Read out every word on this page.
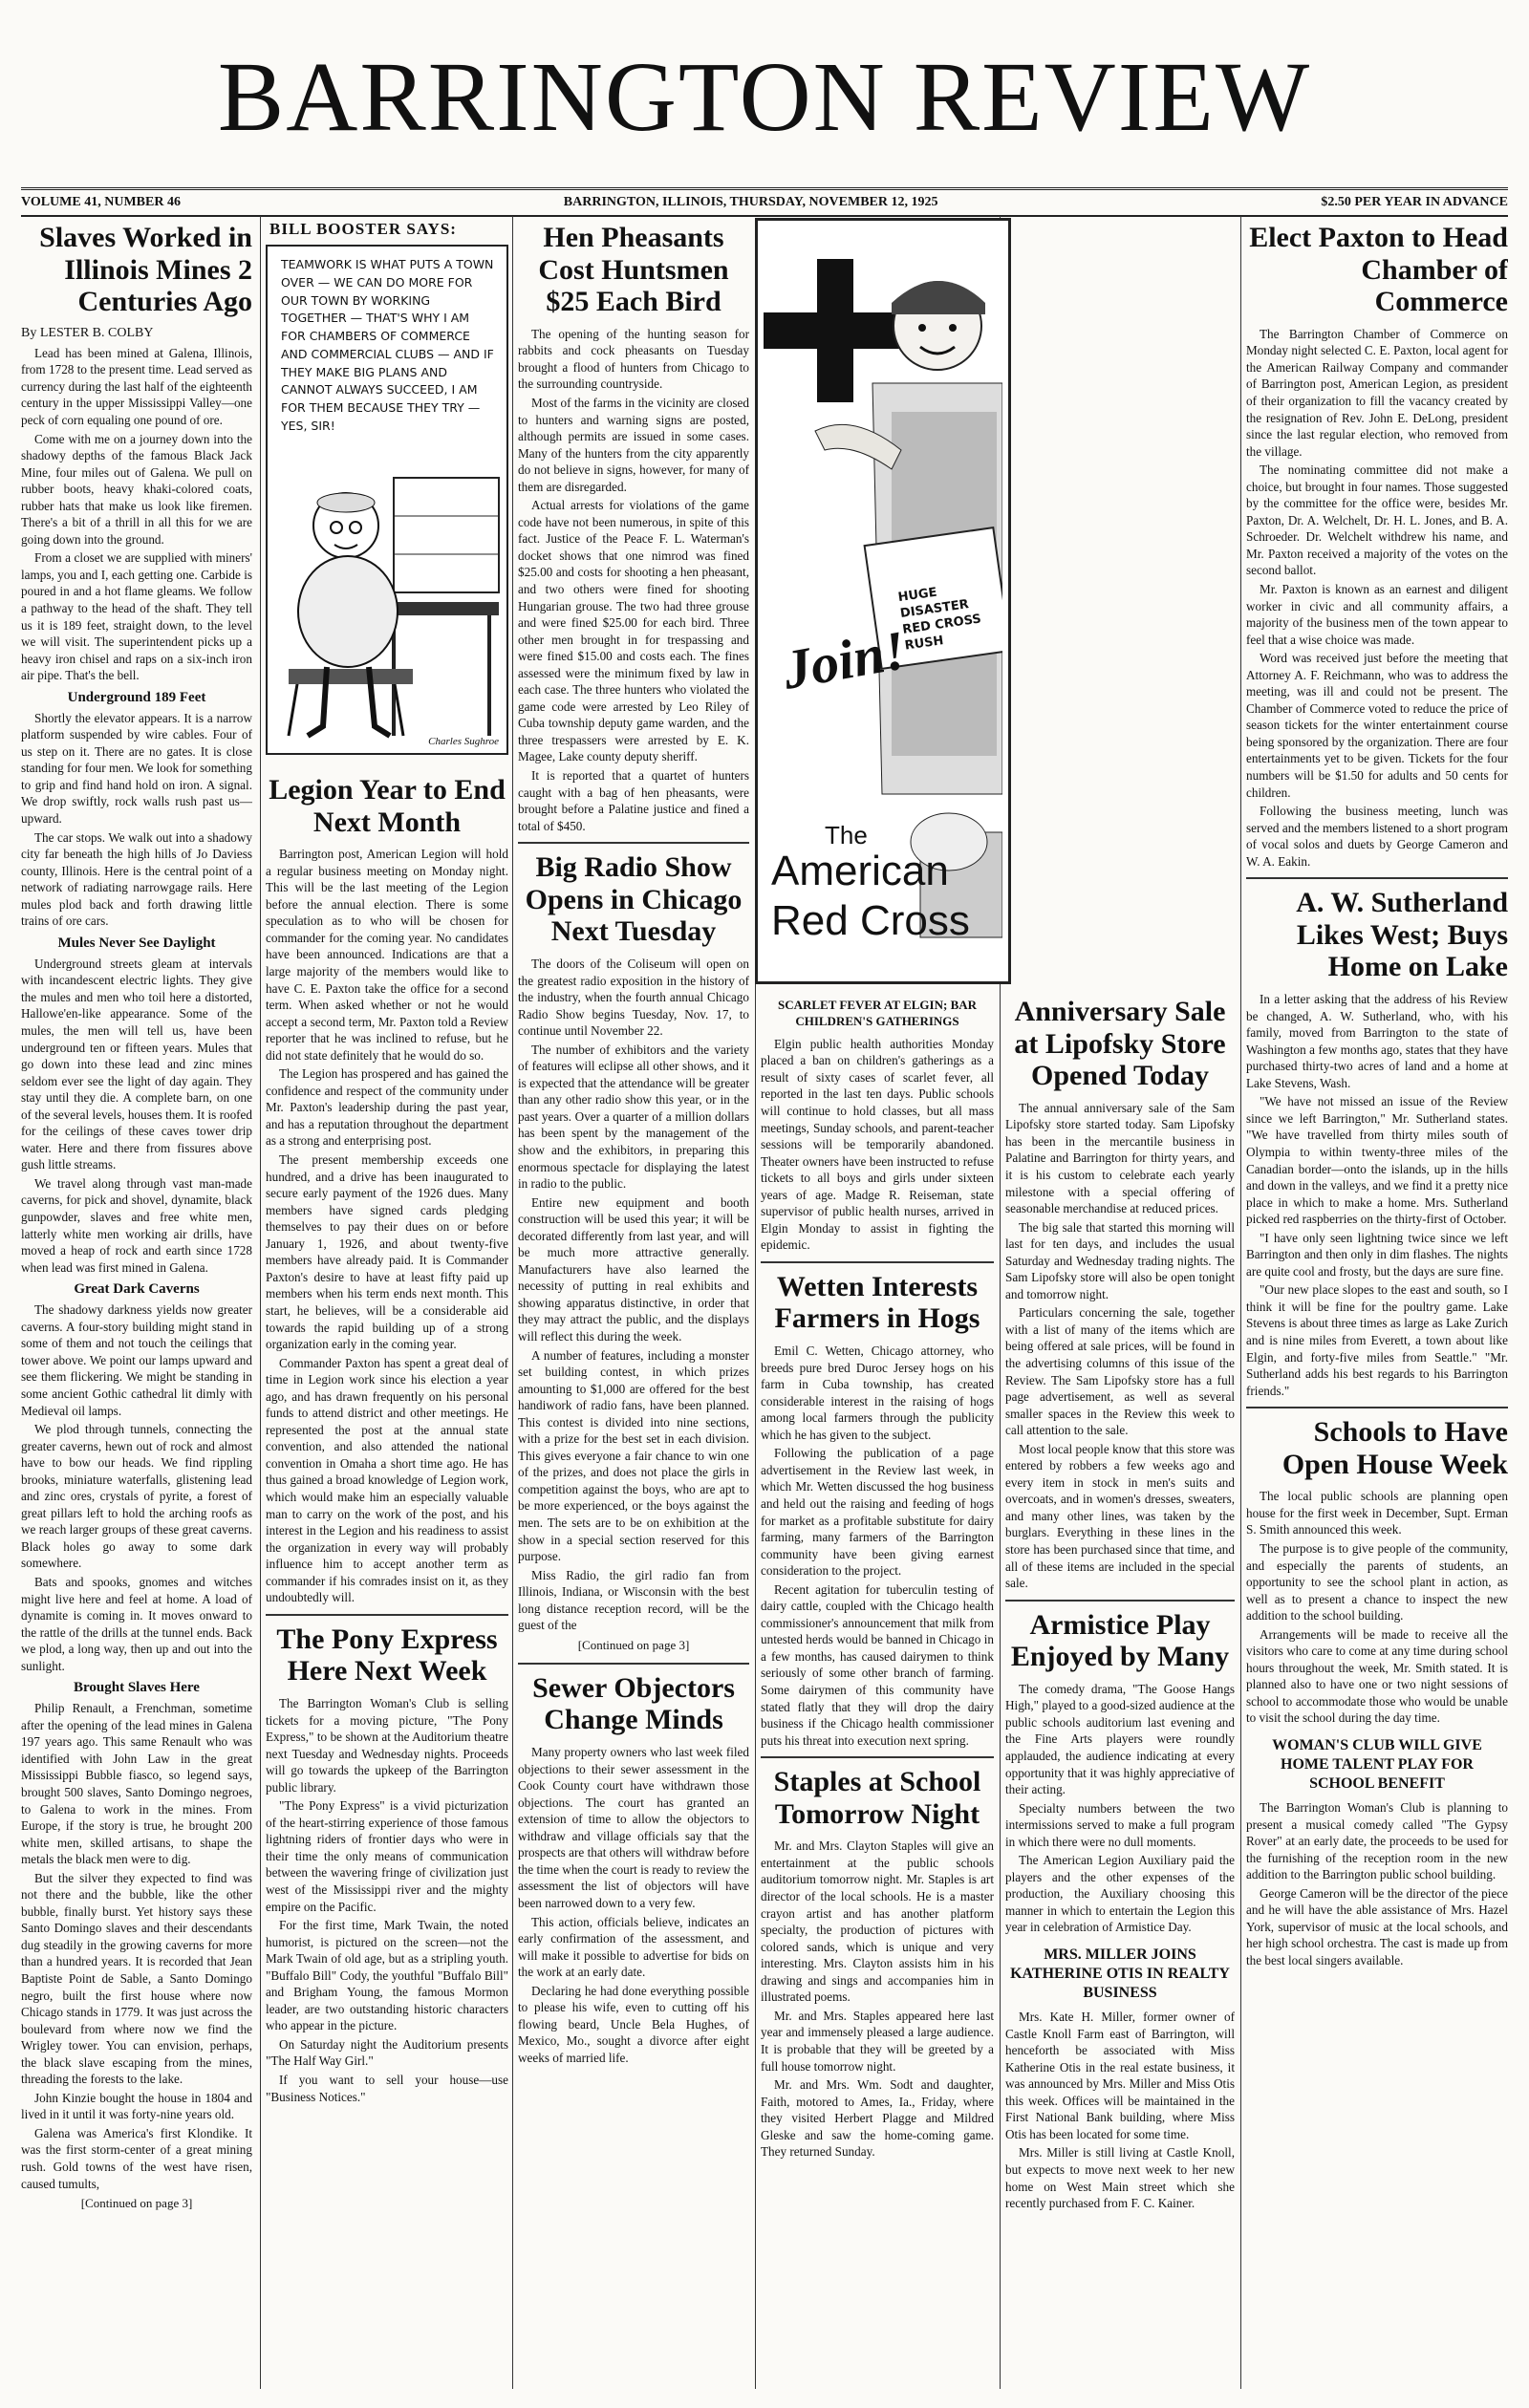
BARRINGTON REVIEW
VOLUME 41, NUMBER 46	BARRINGTON, ILLINOIS, THURSDAY, NOVEMBER 12, 1925	$2.50 PER YEAR IN ADVANCE
Slaves Worked in Illinois Mines 2 Centuries Ago
By LESTER B. COLBY

Lead has been mined at Galena, Illinois, from 1728 to the present time. Lead served as currency during the last half of the eighteenth century in the upper Mississippi Valley—one peck of corn equaling one pound of ore.

Come with me on a journey down into the shadowy depths of the famous Black Jack Mine, four miles out of Galena. We pull on rubber boots, heavy khaki-colored coats, rubber hats that make us look like firemen. There's a bit of a thrill in all this for we are going down into the ground.

From a closet we are supplied with miners' lamps, you and I, each getting one. Carbide is poured in and a hot flame gleams. We follow a pathway to the head of the shaft. They tell us it is 189 feet, straight down, to the level we will visit. The superintendent picks up a heavy iron chisel and raps on a six-inch iron air pipe. That's the bell.

Underground 189 Feet

Shortly the elevator appears. It is a narrow platform suspended by wire cables. Four of us step on it. There are no gates. It is close standing for four men. We look for something to grip and find hand hold on iron. A signal. We drop swiftly, rock walls rush past us—upward.

The car stops. We walk out into a shadowy city far beneath the high hills of Jo Daviess county, Illinois. Here is the central point of a network of radiating narrowgage rails. Here mules plod back and forth drawing little trains of ore cars.

Mules Never See Daylight

Underground streets gleam at intervals with incandescent electric lights. They give the mules and men who toil here a distorted, Hallowe'en-like appearance. Some of the mules, the men will tell us, have been underground ten or fifteen years. Mules that go down into these lead and zinc mines seldom ever see the light of day again. They stay until they die. A complete barn, on one of the several levels, houses them. It is roofed for the ceilings of these caves tower drip water. Here and there from fissures above gush little streams.

We travel along through vast man-made caverns, for pick and shovel, dynamite, black gunpowder, slaves and free white men, latterly white men working air drills, have moved a heap of rock and earth since 1728 when lead was first mined in Galena.

Great Dark Caverns

The shadowy darkness yields now greater caverns. A four-story building might stand in some of them and not touch the ceilings that tower above. We point our lamps upward and see them flickering. We might be standing in some ancient Gothic cathedral lit dimly with Medieval oil lamps.

We plod through tunnels, connecting the greater caverns, hewn out of rock and almost have to bow our heads. We find rippling brooks, miniature waterfalls, glistening lead and zinc ores, crystals of pyrite, a forest of great pillars left to hold the arching roofs as we reach larger groups of these great caverns. Black holes go away to some dark somewhere.

Bats and spooks, gnomes and witches might live here and feel at home. A load of dynamite is coming in. It moves onward to the rattle of the drills at the tunnel ends. Back we plod, a long way, then up and out into the sunlight.

Brought Slaves Here

Philip Renault, a Frenchman, sometime after the opening of the lead mines in Galena 197 years ago. This same Renault who was identified with John Law in the great Mississippi Bubble fiasco, so legend says, brought 500 slaves, Santo Domingo negroes, to Galena to work in the mines. From Europe, if the story is true, he brought 200 white men, skilled artisans, to shape the metals the black men were to dig.

But the silver they expected to find was not there and the bubble, like the other bubble, finally burst. Yet history says these Santo Domingo slaves and their descendants dug steadily in the growing caverns for more than a hundred years. It is recorded that Jean Baptiste Point de Sable, a Santo Domingo negro, built the first house where now Chicago stands in 1779. It was just across the boulevard from where now we find the Wrigley tower. You can envision, perhaps, the black slave escaping from the mines, threading the forests to the lake.

John Kinzie bought the house in 1804 and lived in it until it was forty-nine years old.

Galena was America's first Klondike. It was the first storm-center of a great mining rush. Gold towns of the west have risen, caused tumults,

[Continued on page 3]
BILL BOOSTER SAYS:
TEAMWORK IS WHAT PUTS A TOWN OVER — WE CAN DO MORE FOR OUR TOWN BY WORKING TOGETHER — THAT'S WHY I AM FOR CHAMBERS OF COMMERCE AND COMMERCIAL CLUBS — AND IF THEY MAKE BIG PLANS AND CANNOT ALWAYS SUCCEED, I AM FOR THEM BECAUSE THEY TRY — YES, SIR!
Charles Sughroe
Legion Year to End Next Month

Barrington post, American Legion will hold a regular business meeting on Monday night. This will be the last meeting of the Legion before the annual election. There is some speculation as to who will be chosen for commander for the coming year. No candidates have been announced. Indications are that a large majority of the members would like to have C. E. Paxton take the office for a second term. When asked whether or not he would accept a second term, Mr. Paxton told a Review reporter that he was inclined to refuse, but he did not state definitely that he would do so.

The Legion has prospered and has gained the confidence and respect of the community under Mr. Paxton's leadership during the past year, and has a reputation throughout the department as a strong and enterprising post.

The present membership exceeds one hundred, and a drive has been inaugurated to secure early payment of the 1926 dues. Many members have signed cards pledging themselves to pay their dues on or before January 1, 1926, and about twenty-five members have already paid. It is Commander Paxton's desire to have at least fifty paid up members when his term ends next month. This start, he believes, will be a considerable aid towards the rapid building up of a strong organization early in the coming year.

Commander Paxton has spent a great deal of time in Legion work since his election a year ago, and has drawn frequently on his personal funds to attend district and other meetings. He represented the post at the annual state convention, and also attended the national convention in Omaha a short time ago. He has thus gained a broad knowledge of Legion work, which would make him an especially valuable man to carry on the work of the post, and his interest in the Legion and his readiness to assist the organization in every way will probably influence him to accept another term as commander if his comrades insist on it, as they undoubtedly will.

The Pony Express Here Next Week

The Barrington Woman's Club is selling tickets for a moving picture, "The Pony Express," to be shown at the Auditorium theatre next Tuesday and Wednesday nights. Proceeds will go towards the upkeep of the Barrington public library.

"The Pony Express" is a vivid picturization of the heart-stirring experience of those famous lightning riders of frontier days who were in their time the only means of communication between the wavering fringe of civilization just west of the Mississippi river and the mighty empire on the Pacific.

For the first time, Mark Twain, the noted humorist, is pictured on the screen—not the Mark Twain of old age, but as a stripling youth. "Buffalo Bill" Cody, the youthful "Buffalo Bill" and Brigham Young, the famous Mormon leader, are two outstanding historic characters who appear in the picture.

On Saturday night the Auditorium presents "The Half Way Girl."

If you want to sell your house—use "Business Notices."

Hen Pheasants Cost Huntsmen $25 Each Bird

The opening of the hunting season for rabbits and cock pheasants on Tuesday brought a flood of hunters from Chicago to the surrounding countryside.

Most of the farms in the vicinity are closed to hunters and warning signs are posted, although permits are issued in some cases. Many of the hunters from the city apparently do not believe in signs, however, for many of them are disregarded.

Actual arrests for violations of the game code have not been numerous, in spite of this fact. Justice of the Peace F. L. Waterman's docket shows that one nimrod was fined $25.00 and costs for shooting a hen pheasant, and two others were fined for shooting Hungarian grouse. The two had three grouse and were fined $25.00 for each bird. Three other men brought in for trespassing and were fined $15.00 and costs each. The fines assessed were the minimum fixed by law in each case. The three hunters who violated the game code were arrested by Leo Riley of Cuba township deputy game warden, and the three trespassers were arrested by E. K. Magee, Lake county deputy sheriff.

It is reported that a quartet of hunters caught with a bag of hen pheasants, were brought before a Palatine justice and fined a total of $450.

Big Radio Show Opens in Chicago Next Tuesday

The doors of the Coliseum will open on the greatest radio exposition in the history of the industry, when the fourth annual Chicago Radio Show begins Tuesday, Nov. 17, to continue until November 22.

The number of exhibitors and the variety of features will eclipse all other shows, and it is expected that the attendance will be greater than any other radio show this year, or in the past years. Over a quarter of a million dollars has been spent by the management of the show and the exhibitors, in preparing this enormous spectacle for displaying the latest in radio to the public.

Entire new equipment and booth construction will be used this year; it will be decorated differently from last year, and will be much more attractive generally. Manufacturers have also learned the necessity of putting in real exhibits and showing apparatus distinctive, in order that they may attract the public, and the displays will reflect this during the week.

A number of features, including a monster set building contest, in which prizes amounting to $1,000 are offered for the best handiwork of radio fans, have been planned. This contest is divided into nine sections, with a prize for the best set in each division. This gives everyone a fair chance to win one of the prizes, and does not place the girls in competition against the boys, who are apt to be more experienced, or the boys against the men. The sets are to be on exhibition at the show in a special section reserved for this purpose.

Miss Radio, the girl radio fan from Illinois, Indiana, or Wisconsin with the best long distance reception record, will be the guest of the

[Continued on page 3]
Sewer Objectors Change Minds

Many property owners who last week filed objections to their sewer assessment in the Cook County court have withdrawn those objections. The court has granted an extension of time to allow the objectors to withdraw and village officials say that the prospects are that others will withdraw before the time when the court is ready to review the assessment the list of objectors will have been narrowed down to a very few.

This action, officials believe, indicates an early confirmation of the assessment, and will make it possible to advertise for bids on the work at an early date.

Declaring he had done everything possible to please his wife, even to cutting off his flowing beard, Uncle Bela Hughes, of Mexico, Mo., sought a divorce after eight weeks of married life.

HUGE DISASTER RED CROSS RUSH
Join!
The
American
Red Cross
SCARLET FEVER AT ELGIN; BAR CHILDREN'S GATHERINGS

Elgin public health authorities Monday placed a ban on children's gatherings as a result of sixty cases of scarlet fever, all reported in the last ten days. Public schools will continue to hold classes, but all mass meetings, Sunday schools, and parent-teacher sessions will be temporarily abandoned. Theater owners have been instructed to refuse tickets to all boys and girls under sixteen years of age. Madge R. Reiseman, state supervisor of public health nurses, arrived in Elgin Monday to assist in fighting the epidemic.

Wetten Interests Farmers in Hogs

Emil C. Wetten, Chicago attorney, who breeds pure bred Duroc Jersey hogs on his farm in Cuba township, has created considerable interest in the raising of hogs among local farmers through the publicity which he has given to the subject.

Following the publication of a page advertisement in the Review last week, in which Mr. Wetten discussed the hog business and held out the raising and feeding of hogs for market as a profitable substitute for dairy farming, many farmers of the Barrington community have been giving earnest consideration to the project.

Recent agitation for tuberculin testing of dairy cattle, coupled with the Chicago health commissioner's announcement that milk from untested herds would be banned in Chicago in a few months, has caused dairymen to think seriously of some other branch of farming. Some dairymen of this community have stated flatly that they will drop the dairy business if the Chicago health commissioner puts his threat into execution next spring.

Staples at School Tomorrow Night

Mr. and Mrs. Clayton Staples will give an entertainment at the public schools auditorium tomorrow night. Mr. Staples is art director of the local schools. He is a master crayon artist and has another platform specialty, the production of pictures with colored sands, which is unique and very interesting. Mrs. Clayton assists him in his drawing and sings and accompanies him in illustrated poems.

Mr. and Mrs. Staples appeared here last year and immensely pleased a large audience. It is probable that they will be greeted by a full house tomorrow night.

Mr. and Mrs. Wm. Sodt and daughter, Faith, motored to Ames, Ia., Friday, where they visited Herbert Plagge and Mildred Gleske and saw the home-coming game. They returned Sunday.

Anniversary Sale at Lipofsky Store Opened Today

The annual anniversary sale of the Sam Lipofsky store started today. Sam Lipofsky has been in the mercantile business in Palatine and Barrington for thirty years, and it is his custom to celebrate each yearly milestone with a special offering of seasonable merchandise at reduced prices.

The big sale that started this morning will last for ten days, and includes the usual Saturday and Wednesday trading nights. The Sam Lipofsky store will also be open tonight and tomorrow night.

Particulars concerning the sale, together with a list of many of the items which are being offered at sale prices, will be found in the advertising columns of this issue of the Review. The Sam Lipofsky store has a full page advertisement, as well as several smaller spaces in the Review this week to call attention to the sale.

Most local people know that this store was entered by robbers a few weeks ago and every item in stock in men's suits and overcoats, and in women's dresses, sweaters, and many other lines, was taken by the burglars. Everything in these lines in the store has been purchased since that time, and all of these items are included in the special sale.

Armistice Play Enjoyed by Many

The comedy drama, "The Goose Hangs High," played to a good-sized audience at the public schools auditorium last evening and the Fine Arts players were roundly applauded, the audience indicating at every opportunity that it was highly appreciative of their acting.

Specialty numbers between the two intermissions served to make a full program in which there were no dull moments.

The American Legion Auxiliary paid the players and the other expenses of the production, the Auxiliary choosing this manner in which to entertain the Legion this year in celebration of Armistice Day.

MRS. MILLER JOINS KATHERINE OTIS IN REALTY BUSINESS

Mrs. Kate H. Miller, former owner of Castle Knoll Farm east of Barrington, will henceforth be associated with Miss Katherine Otis in the real estate business, it was announced by Mrs. Miller and Miss Otis this week. Offices will be maintained in the First National Bank building, where Miss Otis has been located for some time.

Mrs. Miller is still living at Castle Knoll, but expects to move next week to her new home on West Main street which she recently purchased from F. C. Kainer.

Elect Paxton to Head Chamber of Commerce

The Barrington Chamber of Commerce on Monday night selected C. E. Paxton, local agent for the American Railway Company and commander of Barrington post, American Legion, as president of their organization to fill the vacancy created by the resignation of Rev. John E. DeLong, president since the last regular election, who removed from the village.

The nominating committee did not make a choice, but brought in four names. Those suggested by the committee for the office were, besides Mr. Paxton, Dr. A. Welchelt, Dr. H. L. Jones, and B. A. Schroeder. Dr. Welchelt withdrew his name, and Mr. Paxton received a majority of the votes on the second ballot.

Mr. Paxton is known as an earnest and diligent worker in civic and all community affairs, a majority of the business men of the town appear to feel that a wise choice was made.

Word was received just before the meeting that Attorney A. F. Reichmann, who was to address the meeting, was ill and could not be present. The Chamber of Commerce voted to reduce the price of season tickets for the winter entertainment course being sponsored by the organization. There are four entertainments yet to be given. Tickets for the four numbers will be $1.50 for adults and 50 cents for children.

Following the business meeting, lunch was served and the members listened to a short program of vocal solos and duets by George Cameron and W. A. Eakin.

A. W. Sutherland Likes West; Buys Home on Lake

In a letter asking that the address of his Review be changed, A. W. Sutherland, who, with his family, moved from Barrington to the state of Washington a few months ago, states that they have purchased thirty-two acres of land and a home at Lake Stevens, Wash.

"We have not missed an issue of the Review since we left Barrington," Mr. Sutherland states. "We have travelled from thirty miles south of Olympia to within twenty-three miles of the Canadian border—onto the islands, up in the hills and down in the valleys, and we find it a pretty nice place in which to make a home. Mrs. Sutherland picked red raspberries on the thirty-first of October.

"I have only seen lightning twice since we left Barrington and then only in dim flashes. The nights are quite cool and frosty, but the days are sure fine.

"Our new place slopes to the east and south, so I think it will be fine for the poultry game. Lake Stevens is about three times as large as Lake Zurich and is nine miles from Everett, a town about like Elgin, and forty-five miles from Seattle." "Mr. Sutherland adds his best regards to his Barrington friends."

Schools to Have Open House Week

The local public schools are planning open house for the first week in December, Supt. Erman S. Smith announced this week.

The purpose is to give people of the community, and especially the parents of students, an opportunity to see the school plant in action, as well as to present a chance to inspect the new addition to the school building.

Arrangements will be made to receive all the visitors who care to come at any time during school hours throughout the week, Mr. Smith stated. It is planned also to have one or two night sessions of school to accommodate those who would be unable to visit the school during the day time.

WOMAN'S CLUB WILL GIVE HOME TALENT PLAY FOR SCHOOL BENEFIT

The Barrington Woman's Club is planning to present a musical comedy called "The Gypsy Rover" at an early date, the proceeds to be used for the furnishing of the reception room in the new addition to the Barrington public school building.

George Cameron will be the director of the piece and he will have the able assistance of Mrs. Hazel York, supervisor of music at the local schools, and her high school orchestra. The cast is made up from the best local singers available.
